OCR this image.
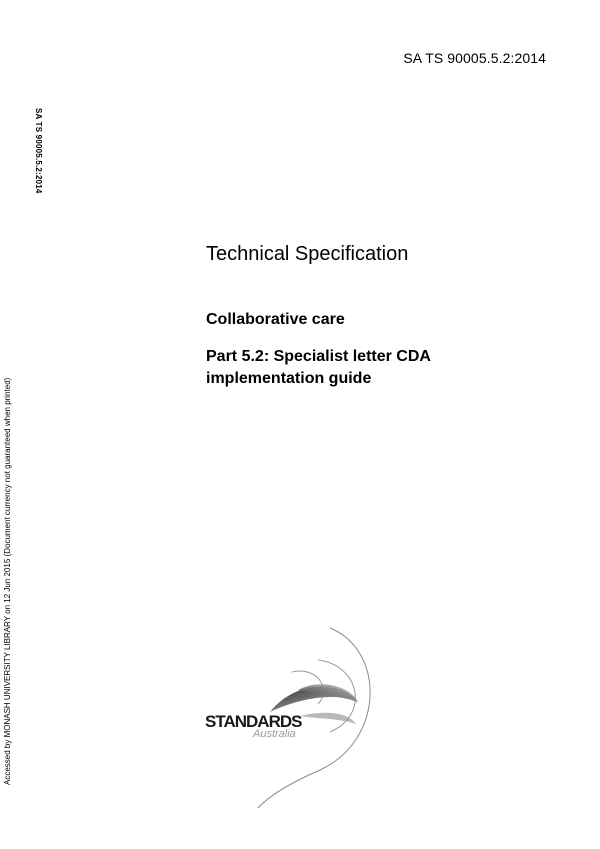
SA TS 90005.5.2:2014
SA TS 90005.5.2:2014
Accessed by MONASH UNIVERSITY LIBRARY on 12 Jun 2015 (Document currency not guaranteed when printed)
Technical Specification
Collaborative care
Part 5.2: Specialist letter CDA
implementation guide
STANDARDS
Australia
